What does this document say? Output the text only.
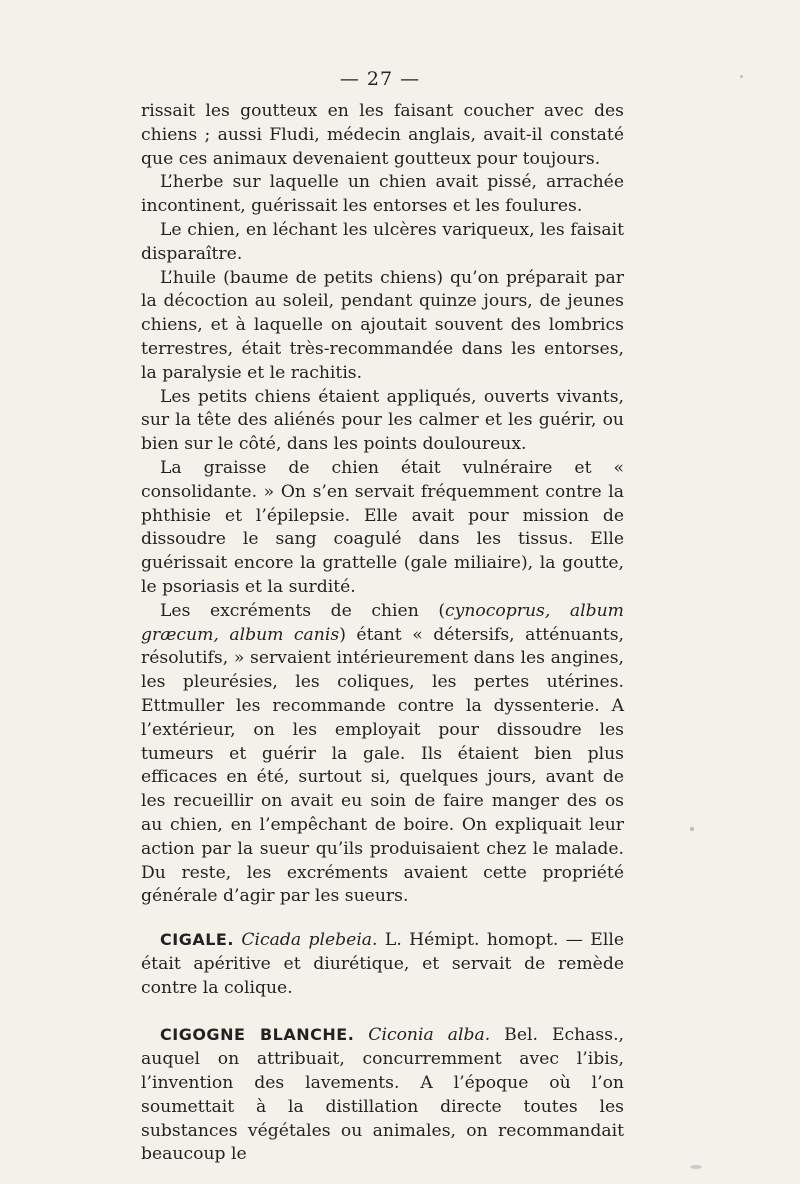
— 27 —

rissait les goutteux en les faisant coucher avec des chiens ; aussi Fludi, médecin anglais, avait-il constaté que ces animaux devenaient goutteux pour toujours.

L’herbe sur laquelle un chien avait pissé, arrachée incontinent, guérissait les entorses et les foulures.

Le chien, en léchant les ulcères variqueux, les faisait disparaître.

L’huile (baume de petits chiens) qu’on préparait par la décoction au soleil, pendant quinze jours, de jeunes chiens, et à laquelle on ajoutait souvent des lombrics terrestres, était très-recommandée dans les entorses, la paralysie et le rachitis.

Les petits chiens étaient appliqués, ouverts vivants, sur la tête des aliénés pour les calmer et les guérir, ou bien sur le côté, dans les points douloureux.

La graisse de chien était vulnéraire et « consolidante. » On s’en servait fréquemment contre la phthisie et l’épilepsie. Elle avait pour mission de dissoudre le sang coagulé dans les tissus. Elle guérissait encore la grattelle (gale miliaire), la goutte, le psoriasis et la surdité.

Les excréments de chien (cynocoprus, album græcum, album canis) étant « détersifs, atténuants, résolutifs, » servaient intérieurement dans les angines, les pleurésies, les coliques, les pertes utérines. Ettmuller les recommande contre la dyssenterie. A l’extérieur, on les employait pour dissoudre les tumeurs et guérir la gale. Ils étaient bien plus efficaces en été, surtout si, quelques jours, avant de les recueillir on avait eu soin de faire manger des os au chien, en l’empêchant de boire. On expliquait leur action par la sueur qu’ils produisaient chez le malade. Du reste, les excréments avaient cette propriété générale d’agir par les sueurs.

CIGALE. Cicada plebeia. L. Hémipt. homopt. — Elle était apéritive et diurétique, et servait de remède contre la colique.

CIGOGNE BLANCHE. Ciconia alba. Bel. Echass., auquel on attribuait, concurremment avec l’ibis, l’invention des lavements. A l’époque où l’on soumettait à la distillation directe toutes les substances végétales ou animales, on recommandait beaucoup le
